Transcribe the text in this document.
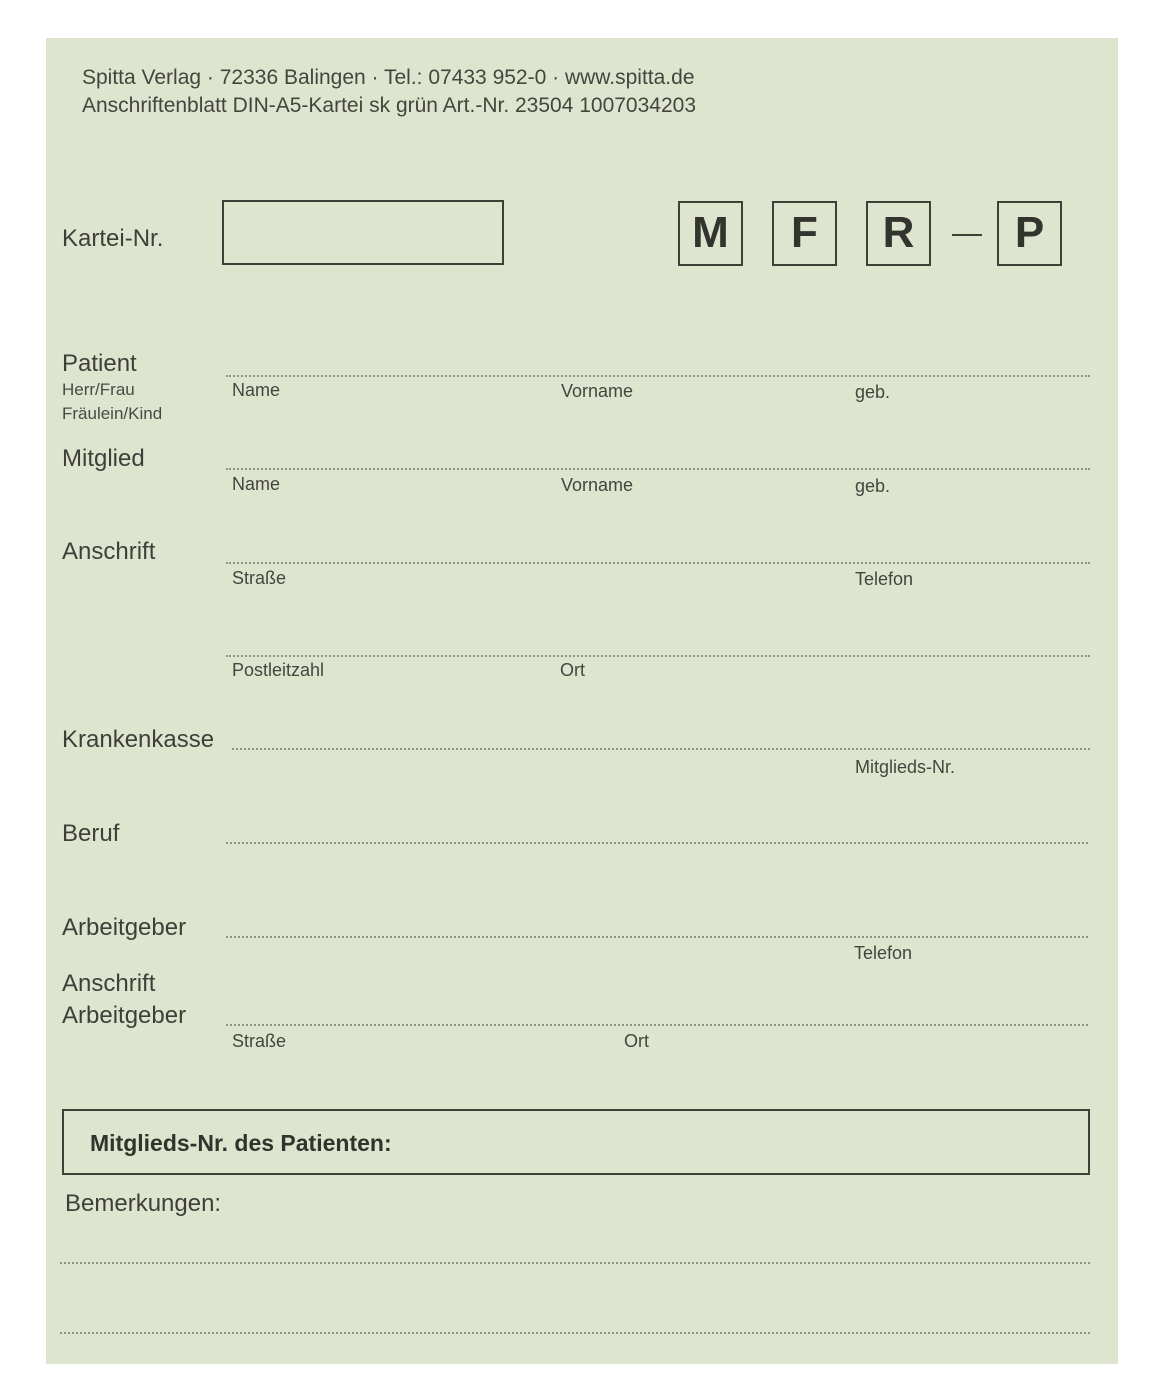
Spitta Verlag · 72336 Balingen · Tel.: 07433 952-0 · www.spitta.de
Anschriftenblatt DIN-A5-Kartei sk grün Art.-Nr. 23504 1007034203
Kartei-Nr.	M	F	R	P
Patient
Herr/Frau
Fräulein/Kind
Name	Vorname	geb.
Mitglied
Name	Vorname	geb.
Anschrift
Straße	Telefon
Postleitzahl	Ort
Krankenkasse
Mitglieds-Nr.
Beruf
Arbeitgeber
Telefon
Anschrift
Arbeitgeber
Straße	Ort
Mitglieds-Nr. des Patienten:
Bemerkungen:
